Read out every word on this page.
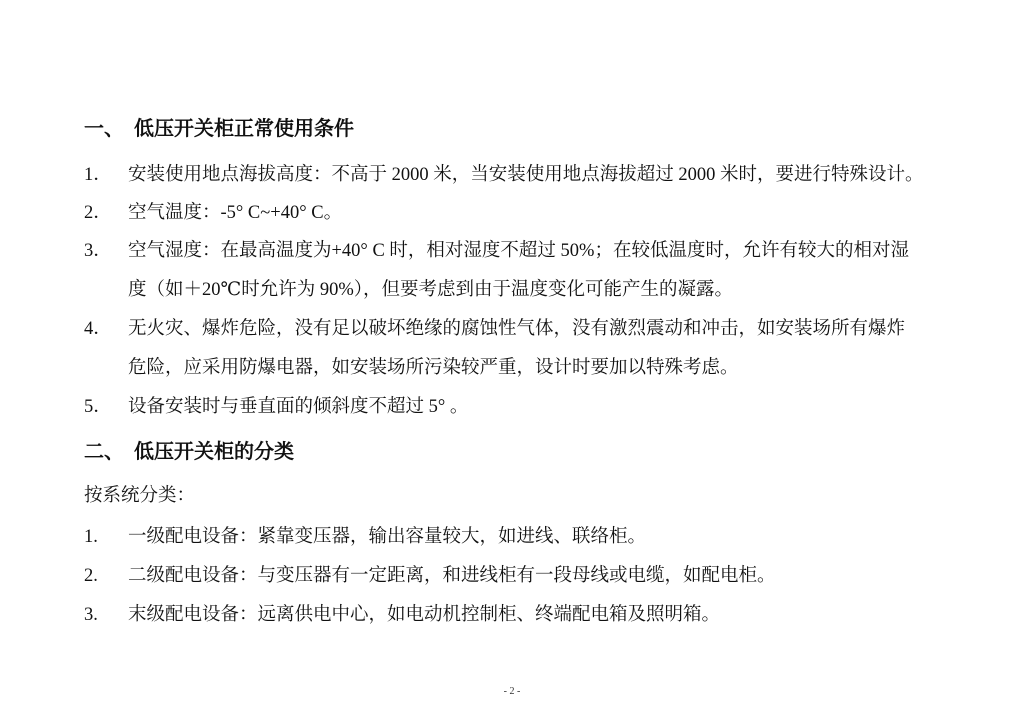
一、 低压开关柜正常使用条件
1． 安装使用地点海拔高度：不高于 2000 米，当安装使用地点海拔超过 2000 米时，要进行特殊设计。
2． 空气温度：-5° C~+40° C。
3． 空气湿度：在最高温度为+40° C 时，相对湿度不超过 50%；在较低温度时，允许有较大的相对湿
度（如＋20℃时允许为 90%），但要考虑到由于温度变化可能产生的凝露。
4． 无火灾、爆炸危险，没有足以破坏绝缘的腐蚀性气体，没有激烈震动和冲击，如安装场所有爆炸
危险，应采用防爆电器，如安装场所污染较严重，设计时要加以特殊考虑。
5． 设备安装时与垂直面的倾斜度不超过 5° 。
二、 低压开关柜的分类
按系统分类：
1. 一级配电设备：紧靠变压器，输出容量较大，如进线、联络柜。
2. 二级配电设备：与变压器有一定距离，和进线柜有一段母线或电缆，如配电柜。
3. 末级配电设备：远离供电中心，如电动机控制柜、终端配电箱及照明箱。
- 2 -
